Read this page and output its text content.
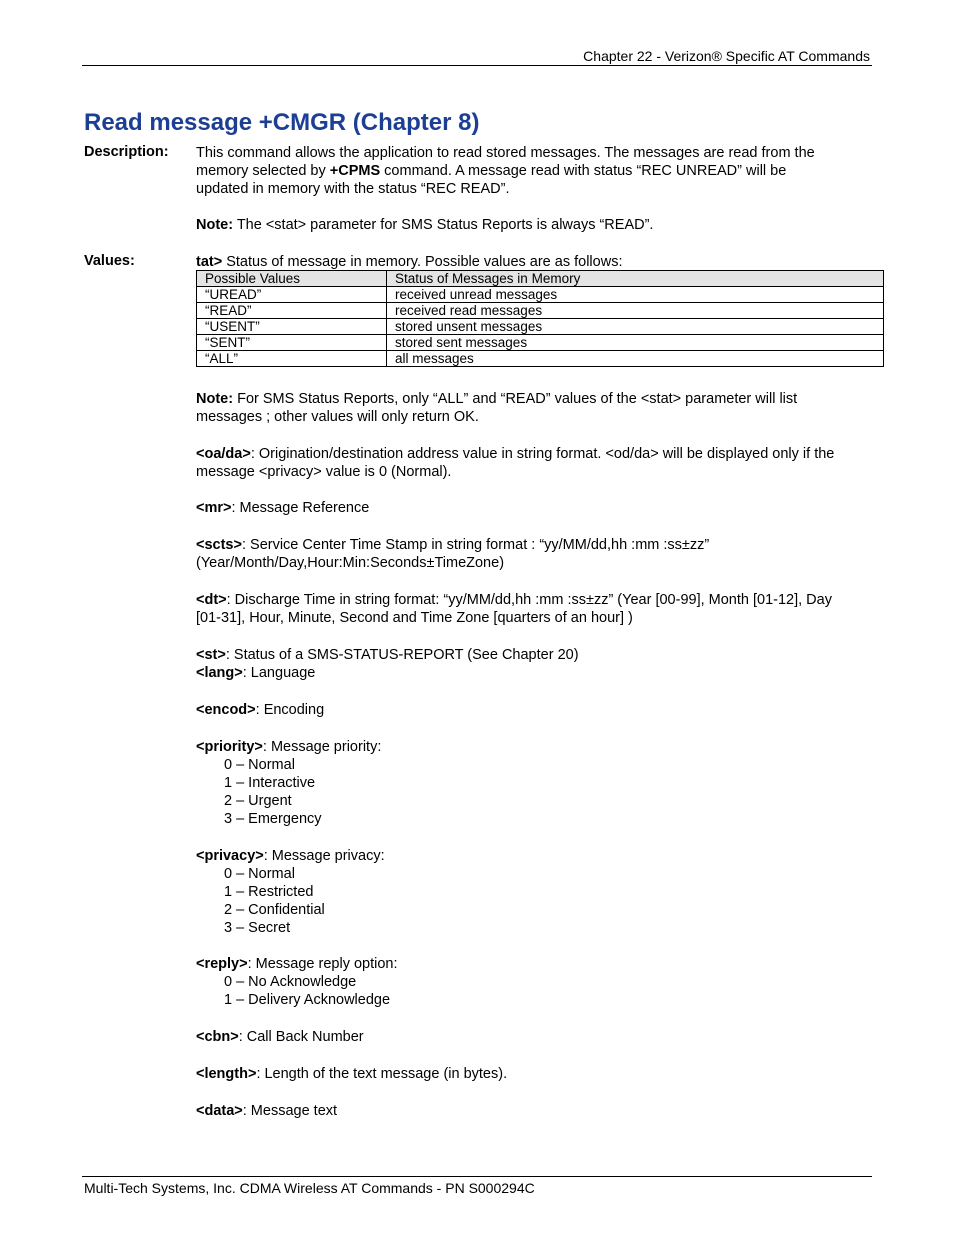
Chapter 22 - Verizon® Specific AT Commands
Read message +CMGR (Chapter 8)
Description: This command allows the application to read stored messages. The messages are read from the memory selected by +CPMS command. A message read with status “REC UNREAD” will be updated in memory with the status “REC READ”.

Note: The <stat> parameter for SMS Status Reports is always “READ”.

Values:	tat> Status of message in memory. Possible values are as follows:

Possible Values	Status of Messages in Memory
“UREAD”	received unread messages
“READ”	received read messages
“USENT”	stored unsent messages
“SENT”	stored sent messages
“ALL”	all messages

Note: For SMS Status Reports, only “ALL” and “READ” values of the <stat> parameter will list messages ; other values will only return OK.

<oa/da>: Origination/destination address value in string format. <od/da> will be displayed only if the message <privacy> value is 0 (Normal).

<mr>: Message Reference

<scts>: Service Center Time Stamp in string format : “yy/MM/dd,hh :mm :ss±zz” (Year/Month/Day,Hour:Min:Seconds±TimeZone)

<dt>: Discharge Time in string format: “yy/MM/dd,hh :mm :ss±zz” (Year [00-99], Month [01-12], Day [01-31], Hour, Minute, Second and Time Zone [quarters of an hour] )

<st>: Status of a SMS-STATUS-REPORT (See Chapter 20)

<lang>: Language

<encod>: Encoding

<priority>: Message priority:
0 – Normal
1 – Interactive
2 – Urgent
3 – Emergency
<privacy>: Message privacy:
0 – Normal
1 – Restricted
2 – Confidential
3 – Secret
<reply>: Message reply option:
0 – No Acknowledge
1 – Delivery Acknowledge

<cbn>: Call Back Number

<length>: Length of the text message (in bytes).

<data>: Message text

Multi-Tech Systems, Inc. CDMA Wireless AT Commands - PN S000294C
